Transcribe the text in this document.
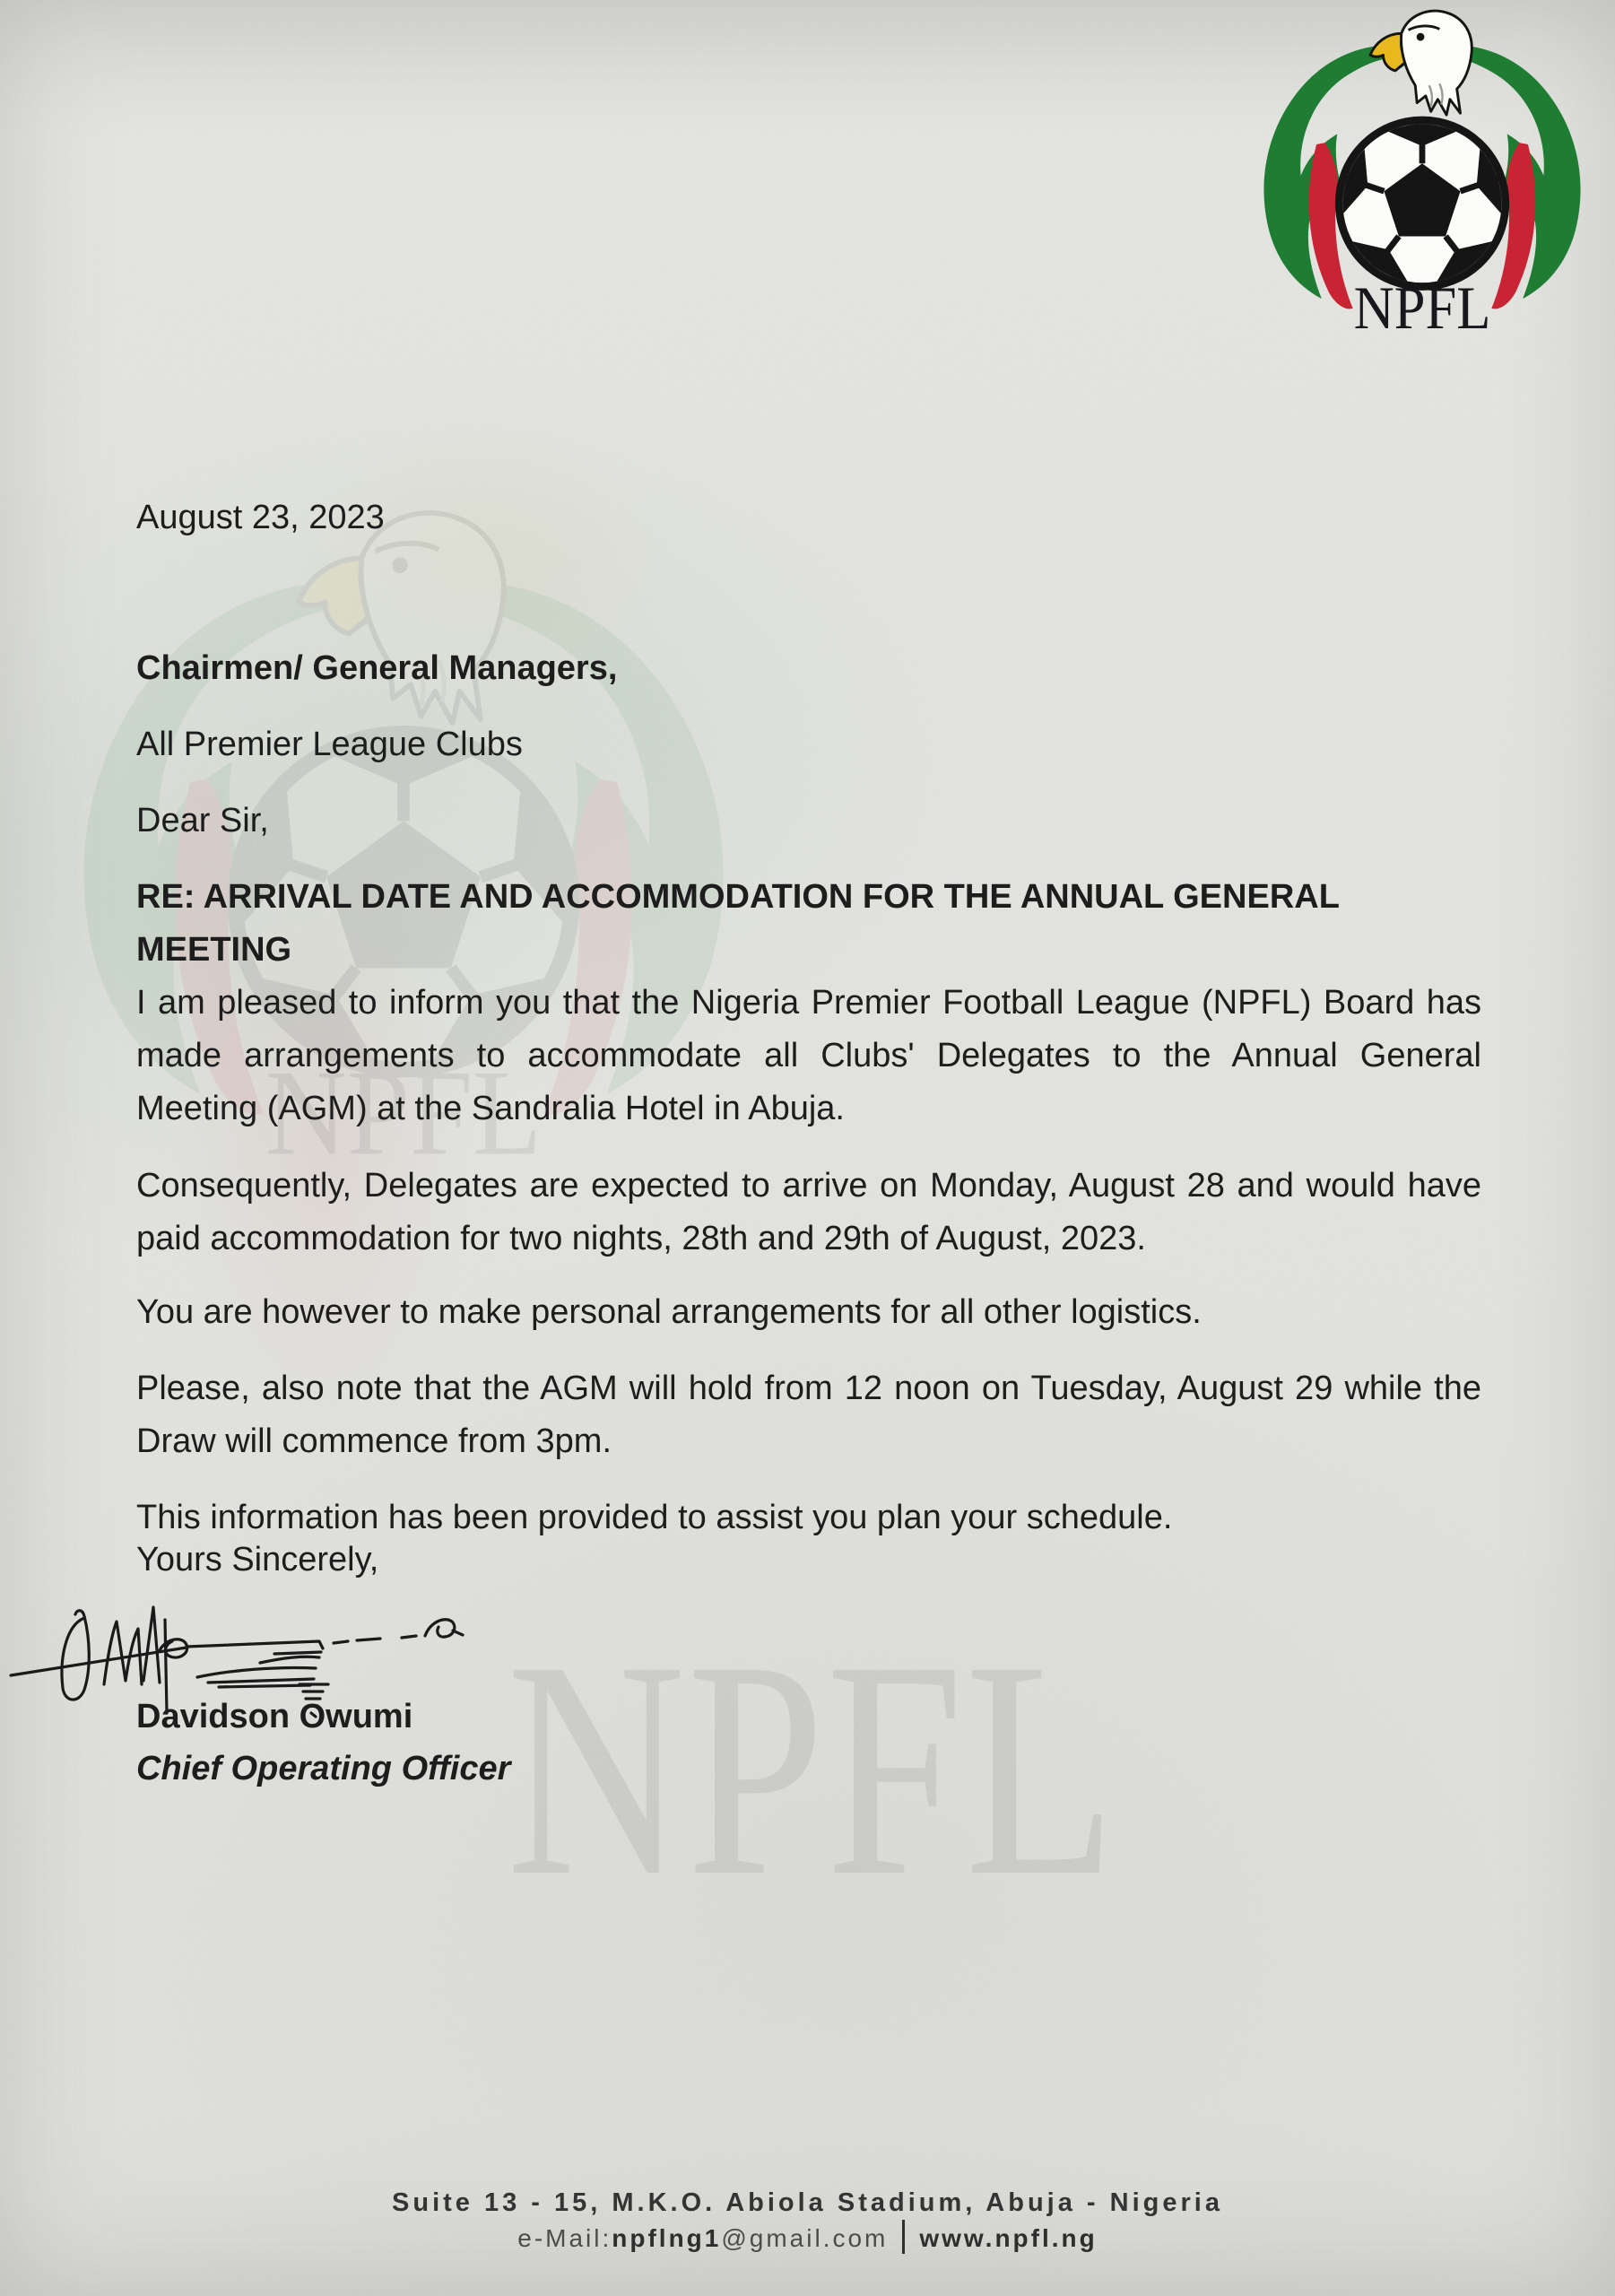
NPFL
NPFL
August 23, 2023
Chairmen/ General Managers,
All Premier League Clubs
Dear Sir,
RE: ARRIVAL DATE AND ACCOMMODATION FOR THE ANNUAL GENERAL MEETING

I am pleased to inform you that the Nigeria Premier Football League (NPFL) Board has made arrangements to accommodate all Clubs' Delegates to the Annual General Meeting (AGM) at the Sandralia Hotel in Abuja.

Consequently, Delegates are expected to arrive on Monday, August 28 and would have paid accommodation for two nights, 28th and 29th of August, 2023.

You are however to make personal arrangements for all other logistics.

Please, also note that the AGM will hold from 12 noon on Tuesday, August 29 while the Draw will commence from 3pm.

This information has been provided to assist you plan your schedule.

Yours Sincerely,
Davidson Owumi
Chief Operating Officer
Suite 13 - 15, M.K.O. Abiola Stadium, Abuja - Nigeria
e-Mail:npflng1@gmail.com www.npfl.ng
